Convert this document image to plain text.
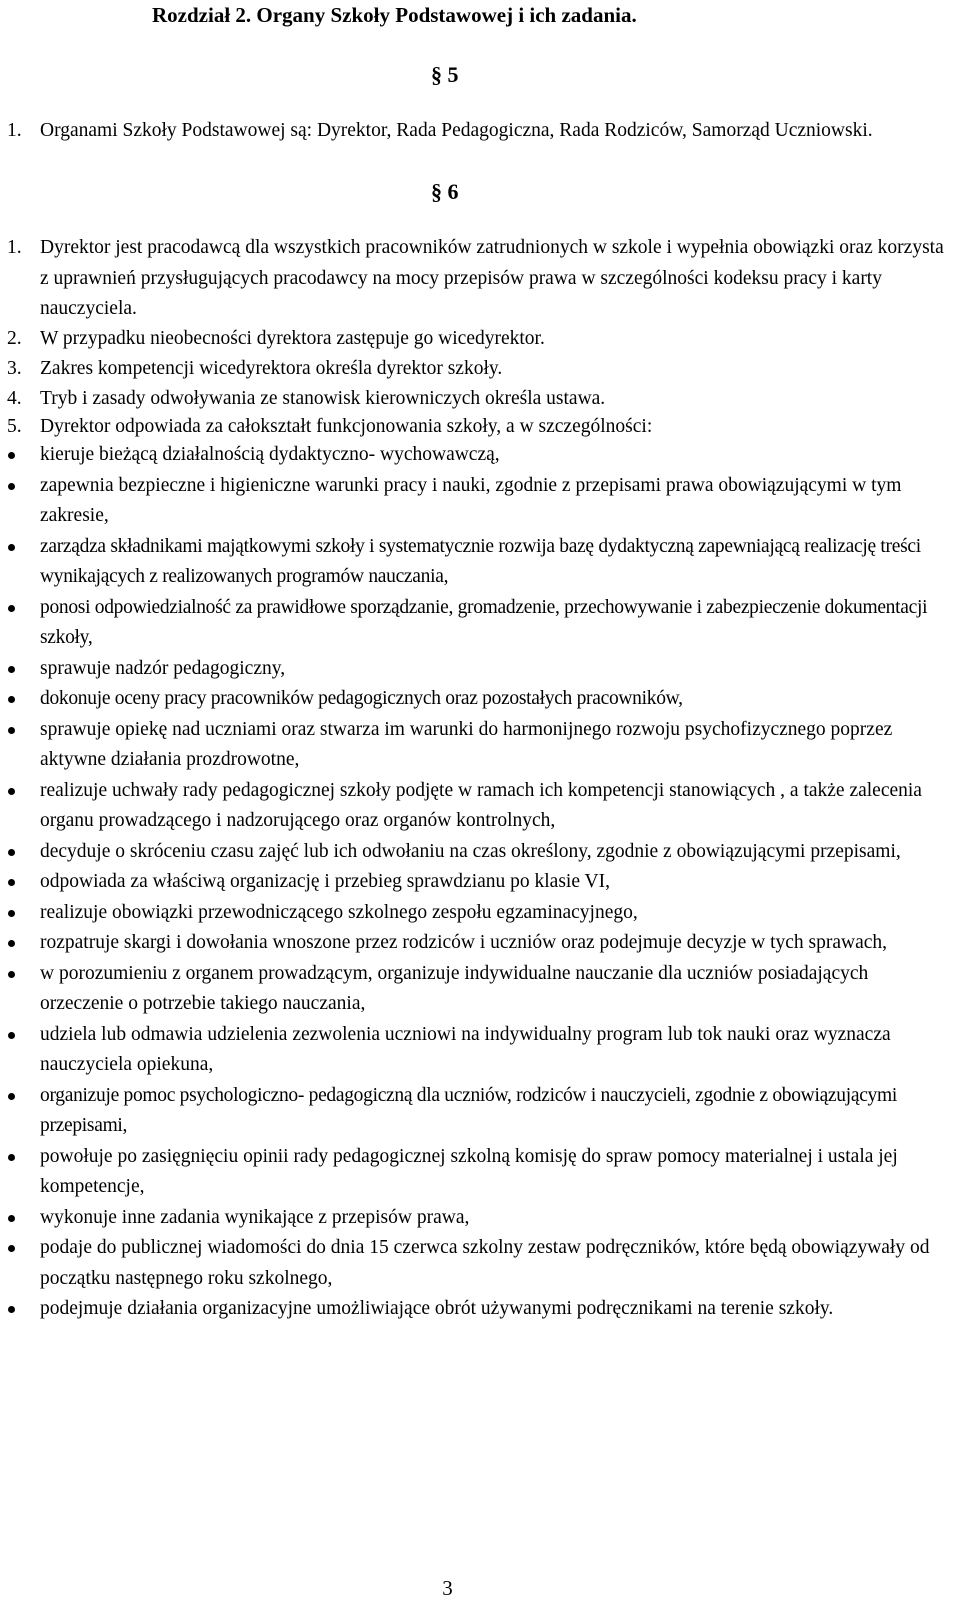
Rozdział 2. Organy Szkoły Podstawowej i ich zadania.
§ 5
1. Organami Szkoły Podstawowej są: Dyrektor, Rada Pedagogiczna, Rada Rodziców, Samorząd Uczniowski.
§ 6
1. Dyrektor jest pracodawcą dla wszystkich pracowników zatrudnionych w szkole i wypełnia obowiązki oraz korzysta z uprawnień przysługujących pracodawcy na mocy przepisów prawa w szczególności kodeksu pracy i karty nauczyciela.
2. W przypadku nieobecności dyrektora zastępuje go wicedyrektor.
3. Zakres kompetencji wicedyrektora określa dyrektor szkoły.
4. Tryb i zasady odwoływania ze stanowisk kierowniczych określa ustawa.
5. Dyrektor odpowiada za całokształt funkcjonowania szkoły, a w szczególności:
kieruje bieżącą działalnością dydaktyczno- wychowawczą,
zapewnia bezpieczne i higieniczne warunki pracy i nauki, zgodnie z przepisami prawa obowiązującymi w tym zakresie,
zarządza składnikami majątkowymi szkoły i systematycznie rozwija bazę dydaktyczną zapewniającą realizację treści wynikających z realizowanych programów nauczania,
ponosi odpowiedzialność za prawidłowe sporządzanie, gromadzenie, przechowywanie i zabezpieczenie dokumentacji szkoły,
sprawuje nadzór pedagogiczny,
dokonuje oceny pracy pracowników pedagogicznych oraz pozostałych pracowników,
sprawuje opiekę nad uczniami oraz stwarza im warunki do harmonijnego rozwoju psychofizycznego poprzez aktywne działania prozdrowotne,
realizuje uchwały rady pedagogicznej szkoły podjęte w ramach ich kompetencji stanowiących , a także zalecenia organu prowadzącego i nadzorującego oraz organów kontrolnych,
decyduje o skróceniu czasu zajęć lub ich odwołaniu na czas określony, zgodnie z obowiązującymi przepisami,
odpowiada za właściwą organizację i przebieg sprawdzianu po klasie VI,
realizuje obowiązki przewodniczącego szkolnego zespołu egzaminacyjnego,
rozpatruje skargi i dowołania wnoszone przez rodziców i uczniów oraz podejmuje decyzje w tych sprawach,
w porozumieniu z organem prowadzącym, organizuje indywidualne nauczanie dla uczniów posiadających orzeczenie o potrzebie takiego nauczania,
udziela lub odmawia udzielenia zezwolenia uczniowi na indywidualny program lub tok nauki oraz wyznacza nauczyciela opiekuna,
organizuje pomoc psychologiczno- pedagogiczną dla uczniów, rodziców i nauczycieli, zgodnie z obowiązującymi przepisami,
powołuje po zasięgnięciu opinii rady pedagogicznej szkolną komisję do spraw pomocy materialnej i ustala jej kompetencje,
wykonuje inne zadania wynikające z przepisów prawa,
podaje do publicznej wiadomości do dnia 15 czerwca szkolny zestaw podręczników, które będą obowiązywały od początku następnego roku szkolnego,
podejmuje działania organizacyjne umożliwiające obrót używanymi podręcznikami na terenie szkoły.
3
